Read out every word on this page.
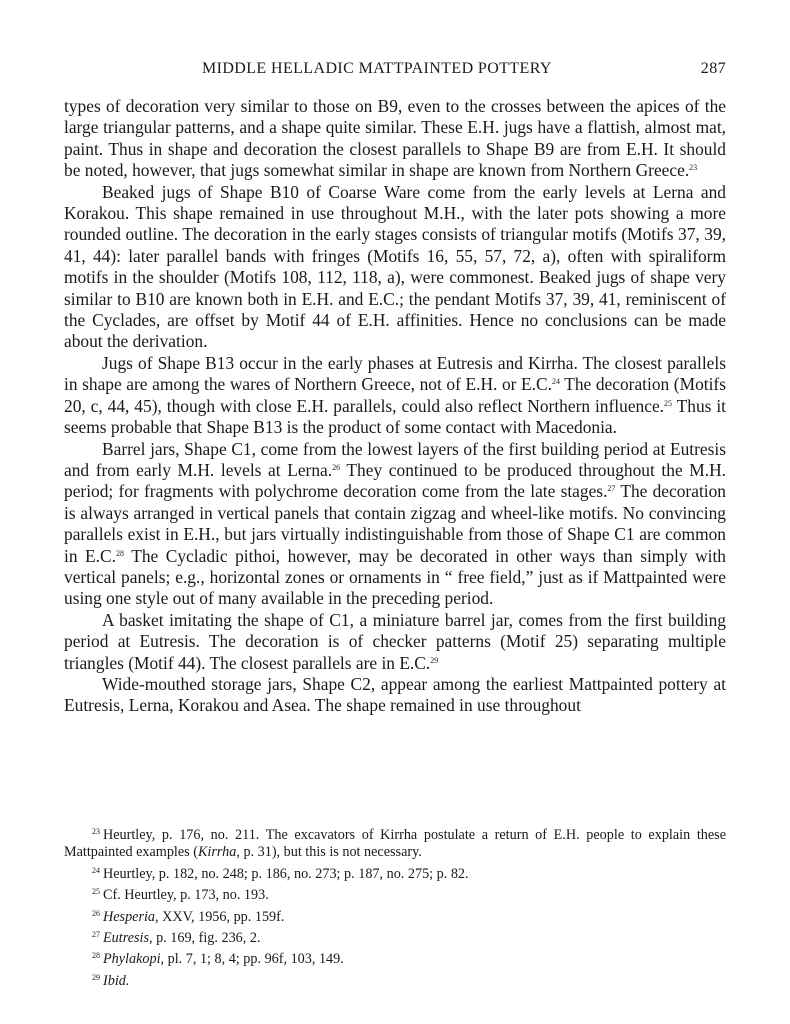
MIDDLE HELLADIC MATTPAINTED POTTERY	287

types of decoration very similar to those on B9, even to the crosses between the apices of the large triangular patterns, and a shape quite similar. These E.H. jugs have a flattish, almost mat, paint. Thus in shape and decoration the closest parallels to Shape B9 are from E.H. It should be noted, however, that jugs somewhat similar in shape are known from Northern Greece.$^{23}$

Beaked jugs of Shape B10 of Coarse Ware come from the early levels at Lerna and Korakou. This shape remained in use throughout M.H., with the later pots showing a more rounded outline. The decoration in the early stages consists of triangular motifs (Motifs 37, 39, 41, 44): later parallel bands with fringes (Motifs 16, 55, 57, 72, a), often with spiraliform motifs in the shoulder (Motifs 108, 112, 118, a), were commonest. Beaked jugs of shape very similar to B10 are known both in E.H. and E.C.; the pendant Motifs 37, 39, 41, reminiscent of the Cyclades, are offset by Motif 44 of E.H. affinities. Hence no conclusions can be made about the derivation.

Jugs of Shape B13 occur in the early phases at Eutresis and Kirrha. The closest parallels in shape are among the wares of Northern Greece, not of E.H. or E.C.$^{24}$ The decoration (Motifs 20, c, 44, 45), though with close E.H. parallels, could also reflect Northern influence.$^{25}$ Thus it seems probable that Shape B13 is the product of some contact with Macedonia.

Barrel jars, Shape C1, come from the lowest layers of the first building period at Eutresis and from early M.H. levels at Lerna.$^{26}$ They continued to be produced throughout the M.H. period; for fragments with polychrome decoration come from the late stages.$^{27}$ The decoration is always arranged in vertical panels that contain zigzag and wheel-like motifs. No convincing parallels exist in E.H., but jars virtually indistinguishable from those of Shape C1 are common in E.C.$^{28}$ The Cycladic pithoi, however, may be decorated in other ways than simply with vertical panels; e.g., horizontal zones or ornaments in “ free field,” just as if Mattpainted were using one style out of many available in the preceding period.

A basket imitating the shape of C1, a miniature barrel jar, comes from the first building period at Eutresis. The decoration is of checker patterns (Motif 25) separating multiple triangles (Motif 44). The closest parallels are in E.C.$^{29}$

Wide-mouthed storage jars, Shape C2, appear among the earliest Mattpainted pottery at Eutresis, Lerna, Korakou and Asea. The shape remained in use throughout

$^{23}$ Heurtley, p. 176, no. 211. The excavators of Kirrha postulate a return of E.H. people to explain these Mattpainted examples (Kirrha, p. 31), but this is not necessary.

$^{24}$ Heurtley, p. 182, no. 248; p. 186, no. 273; p. 187, no. 275; p. 82.

$^{25}$ Cf. Heurtley, p. 173, no. 193.

$^{26}$ Hesperia, XXV, 1956, pp. 159f.

$^{27}$ Eutresis, p. 169, fig. 236, 2.

$^{28}$ Phylakopi, pl. 7, 1; 8, 4; pp. 96f, 103, 149.

$^{29}$ Ibid.
